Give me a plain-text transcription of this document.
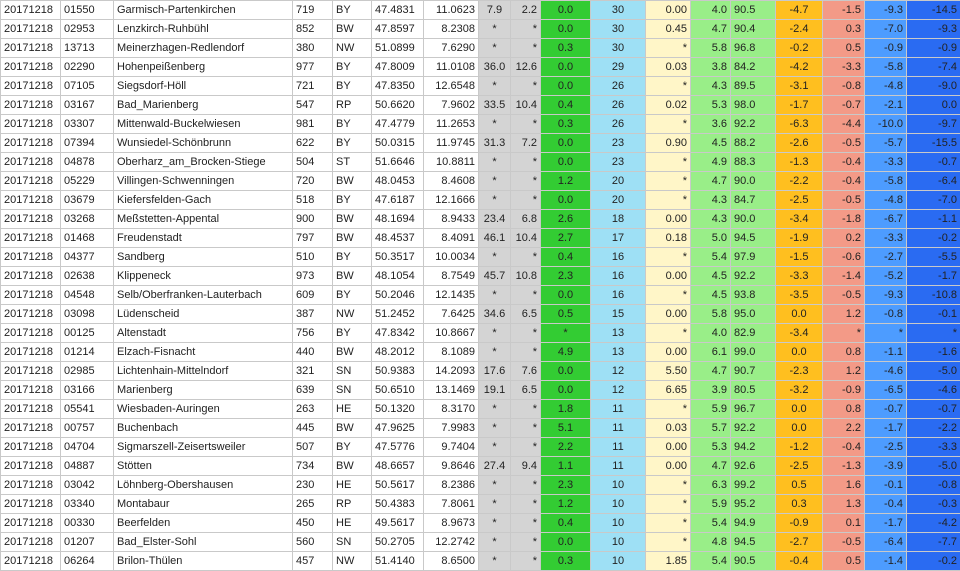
20171218	01550	Garmisch-Partenkirchen	719	BY	47.4831	11.0623	7.9	2.2	0.0	30	0.00	4.0	90.5	-4.7	-1.5	-9.3	-14.5
20171218	02953	Lenzkirch-Ruhbühl	852	BW	47.8597	8.2308	*	*	0.0	30	0.45	4.7	90.4	-2.4	0.3	-7.0	-9.3
20171218	13713	Meinerzhagen-Redlendorf	380	NW	51.0899	7.6290	*	*	0.3	30	*	5.8	96.8	-0.2	0.5	-0.9	-0.9
20171218	02290	Hohenpeißenberg	977	BY	47.8009	11.0108	36.0	12.6	0.0	29	0.03	3.8	84.2	-4.2	-3.3	-5.8	-7.4
20171218	07105	Siegsdorf-Höll	721	BY	47.8350	12.6548	*	*	0.0	26	*	4.3	89.5	-3.1	-0.8	-4.8	-9.0
20171218	03167	Bad_Marienberg	547	RP	50.6620	7.9602	33.5	10.4	0.4	26	0.02	5.3	98.0	-1.7	-0.7	-2.1	0.0
20171218	03307	Mittenwald-Buckelwiesen	981	BY	47.4779	11.2653	*	*	0.3	26	*	3.6	92.2	-6.3	-4.4	-10.0	-9.7
20171218	07394	Wunsiedel-Schönbrunn	622	BY	50.0315	11.9745	31.3	7.2	0.0	23	0.90	4.5	88.2	-2.6	-0.5	-5.7	-15.5
20171218	04878	Oberharz_am_Brocken-Stiege	504	ST	51.6646	10.8811	*	*	0.0	23	*	4.9	88.3	-1.3	-0.4	-3.3	-0.7
20171218	05229	Villingen-Schwenningen	720	BW	48.0453	8.4608	*	*	1.2	20	*	4.7	90.0	-2.2	-0.4	-5.8	-6.4
20171218	03679	Kiefersfelden-Gach	518	BY	47.6187	12.1666	*	*	0.0	20	*	4.3	84.7	-2.5	-0.5	-4.8	-7.0
20171218	03268	Meßstetten-Appental	900	BW	48.1694	8.9433	23.4	6.8	2.6	18	0.00	4.3	90.0	-3.4	-1.8	-6.7	-1.1
20171218	01468	Freudenstadt	797	BW	48.4537	8.4091	46.1	10.4	2.7	17	0.18	5.0	94.5	-1.9	0.2	-3.3	-0.2
20171218	04377	Sandberg	510	BY	50.3517	10.0034	*	*	0.4	16	*	5.4	97.9	-1.5	-0.6	-2.7	-5.5
20171218	02638	Klippeneck	973	BW	48.1054	8.7549	45.7	10.8	2.3	16	0.00	4.5	92.2	-3.3	-1.4	-5.2	-1.7
20171218	04548	Selb/Oberfranken-Lauterbach	609	BY	50.2046	12.1435	*	*	0.0	16	*	4.5	93.8	-3.5	-0.5	-9.3	-10.8
20171218	03098	Lüdenscheid	387	NW	51.2452	7.6425	34.6	6.5	0.5	15	0.00	5.8	95.0	0.0	1.2	-0.8	-0.1
20171218	00125	Altenstadt	756	BY	47.8342	10.8667	*	*	*	13	*	4.0	82.9	-3.4	*	*	*
20171218	01214	Elzach-Fisnacht	440	BW	48.2012	8.1089	*	*	4.9	13	0.00	6.1	99.0	0.0	0.8	-1.1	-1.6
20171218	02985	Lichtenhain-Mittelndorf	321	SN	50.9383	14.2093	17.6	7.6	0.0	12	5.50	4.7	90.7	-2.3	1.2	-4.6	-5.0
20171218	03166	Marienberg	639	SN	50.6510	13.1469	19.1	6.5	0.0	12	6.65	3.9	80.5	-3.2	-0.9	-6.5	-4.6
20171218	05541	Wiesbaden-Auringen	263	HE	50.1320	8.3170	*	*	1.8	11	*	5.9	96.7	0.0	0.8	-0.7	-0.7
20171218	00757	Buchenbach	445	BW	47.9625	7.9983	*	*	5.1	11	0.03	5.7	92.2	0.0	2.2	-1.7	-2.2
20171218	04704	Sigmarszell-Zeisertsweiler	507	BY	47.5776	9.7404	*	*	2.2	11	0.00	5.3	94.2	-1.2	-0.4	-2.5	-3.3
20171218	04887	Stötten	734	BW	48.6657	9.8646	27.4	9.4	1.1	11	0.00	4.7	92.6	-2.5	-1.3	-3.9	-5.0
20171218	03042	Löhnberg-Obershausen	230	HE	50.5617	8.2386	*	*	2.3	10	*	6.3	99.2	0.5	1.6	-0.1	-0.8
20171218	03340	Montabaur	265	RP	50.4383	7.8061	*	*	1.2	10	*	5.9	95.2	0.3	1.3	-0.4	-0.3
20171218	00330	Beerfelden	450	HE	49.5617	8.9673	*	*	0.4	10	*	5.4	94.9	-0.9	0.1	-1.7	-4.2
20171218	01207	Bad_Elster-Sohl	560	SN	50.2705	12.2742	*	*	0.0	10	*	4.8	94.5	-2.7	-0.5	-6.4	-7.7
20171218	06264	Brilon-Thülen	457	NW	51.4140	8.6500	*	*	0.3	10	1.85	5.4	90.5	-0.4	0.5	-1.4	-0.2
